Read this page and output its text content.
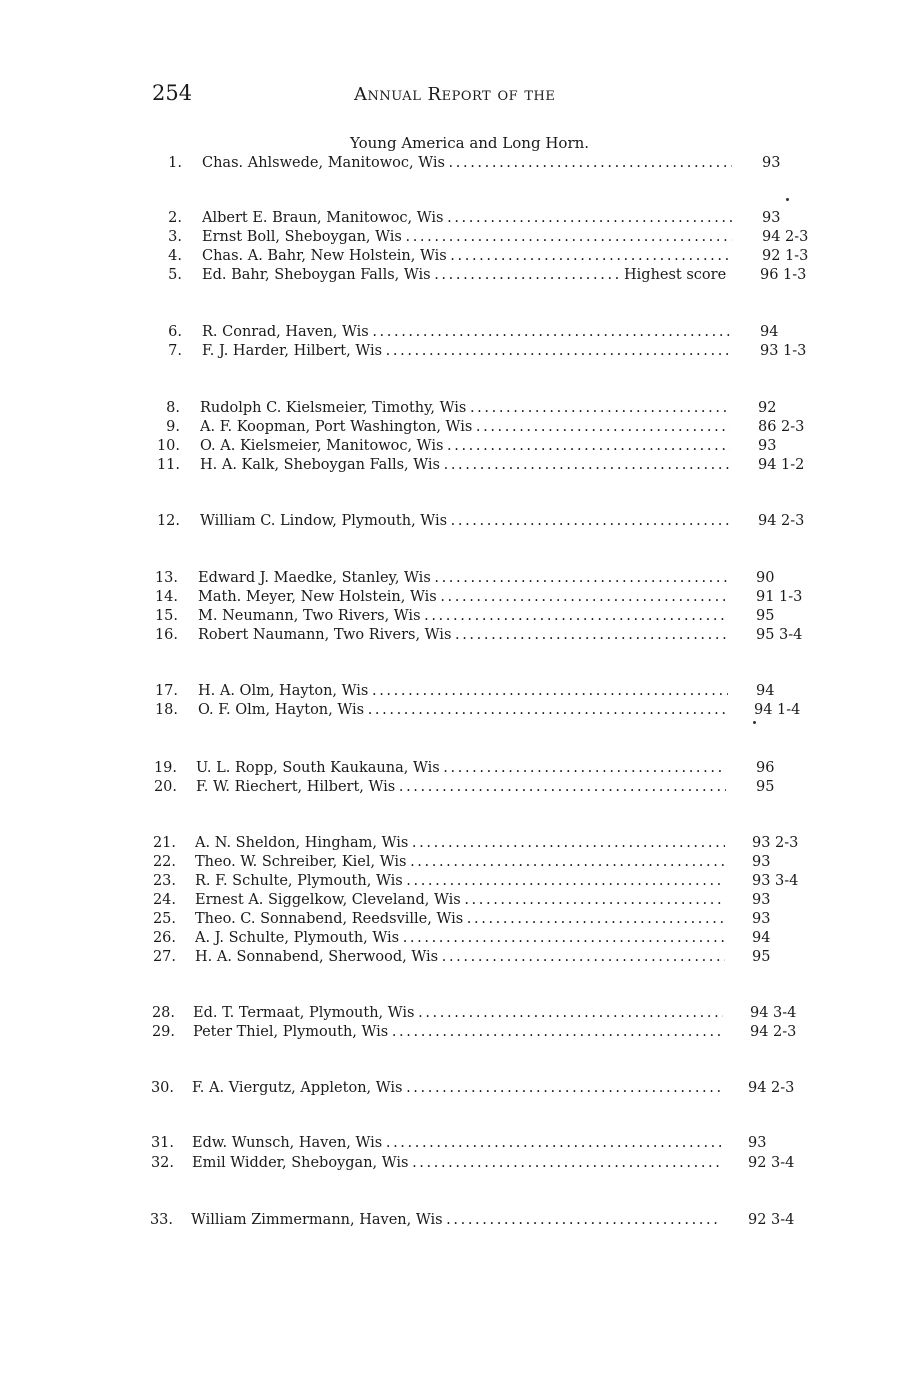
254	Annual Report of the
Young America and Long Horn.
1. Chas. Ahlswede, Manitowoc, Wis . . .	93
2. Albert E. Braun, Manitowoc, Wis . . .	93
3. Ernst Boll, Sheboygan, Wis . . .	94 2-3
4. Chas. A. Bahr, New Holstein, Wis . . .	92 1-3
5. Ed. Bahr, Sheboygan Falls, Wis . . .	Highest score 96 1-3
6. R. Conrad, Haven, Wis . . .	94
7. F. J. Harder, Hilbert, Wis . . .	93 1-3
8. Rudolph C. Kielsmeier, Timothy, Wis . . .	92
9. A. F. Koopman, Port Washington, Wis . . .	86 2-3
10. O. A. Kielsmeier, Manitowoc, Wis . . .	93
11. H. A. Kalk, Sheboygan Falls, Wis . . .	94 1-2
12. William C. Lindow, Plymouth, Wis . . .	94 2-3
13. Edward J. Maedke, Stanley, Wis . . .	90
14. Math. Meyer, New Holstein, Wis . . .	91 1-3
15. M. Neumann, Two Rivers, Wis . . .	95
16. Robert Naumann, Two Rivers, Wis . . .	95 3-4
17. H. A. Olm, Hayton, Wis . . .	94
18. O. F. Olm, Hayton, Wis . . .	94 1-4
19. U. L. Ropp, South Kaukauna, Wis . . .	96
20. F. W. Riechert, Hilbert, Wis . . .	95
21. A. N. Sheldon, Hingham, Wis . . .	93 2-3
22. Theo. W. Schreiber, Kiel, Wis . . .	93
23. R. F. Schulte, Plymouth, Wis . . .	93 3-4
24. Ernest A. Siggelkow, Cleveland, Wis . . .	93
25. Theo. C. Sonnabend, Reedsville, Wis . . .	93
26. A. J. Schulte, Plymouth, Wis . . .	94
27. H. A. Sonnabend, Sherwood, Wis . . .	95
28. Ed. T. Termaat, Plymouth, Wis . . .	94 3-4
29. Peter Thiel, Plymouth, Wis . . .	94 2-3
30. F. A. Viergutz, Appleton, Wis . . .	94 2-3
31. Edw. Wunsch, Haven, Wis . . .	93
32. Emil Widder, Sheboygan, Wis . . .	92 3-4
33. William Zimmermann, Haven, Wis . . .	92 3-4
